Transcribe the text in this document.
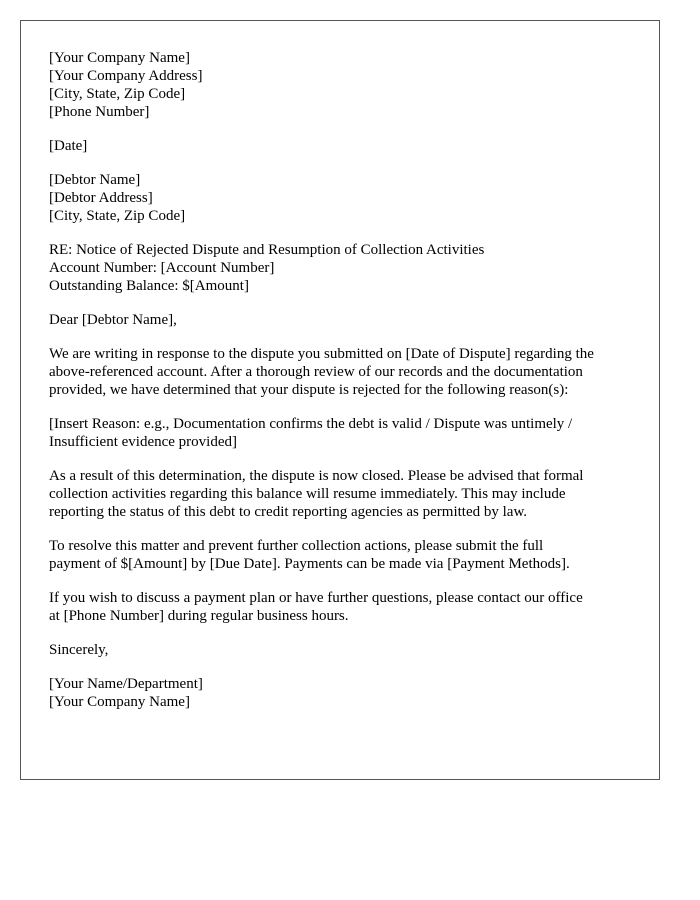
[Your Company Name]
[Your Company Address]
[City, State, Zip Code]
[Phone Number]
[Date]
[Debtor Name]
[Debtor Address]
[City, State, Zip Code]
RE: Notice of Rejected Dispute and Resumption of Collection Activities
Account Number: [Account Number]
Outstanding Balance: $[Amount]
Dear [Debtor Name],
We are writing in response to the dispute you submitted on [Date of Dispute] regarding the
above-referenced account. After a thorough review of our records and the documentation
provided, we have determined that your dispute is rejected for the following reason(s):
[Insert Reason: e.g., Documentation confirms the debt is valid / Dispute was untimely /
Insufficient evidence provided]
As a result of this determination, the dispute is now closed. Please be advised that formal
collection activities regarding this balance will resume immediately. This may include
reporting the status of this debt to credit reporting agencies as permitted by law.
To resolve this matter and prevent further collection actions, please submit the full
payment of $[Amount] by [Due Date]. Payments can be made via [Payment Methods].
If you wish to discuss a payment plan or have further questions, please contact our office
at [Phone Number] during regular business hours.
Sincerely,
[Your Name/Department]
[Your Company Name]
